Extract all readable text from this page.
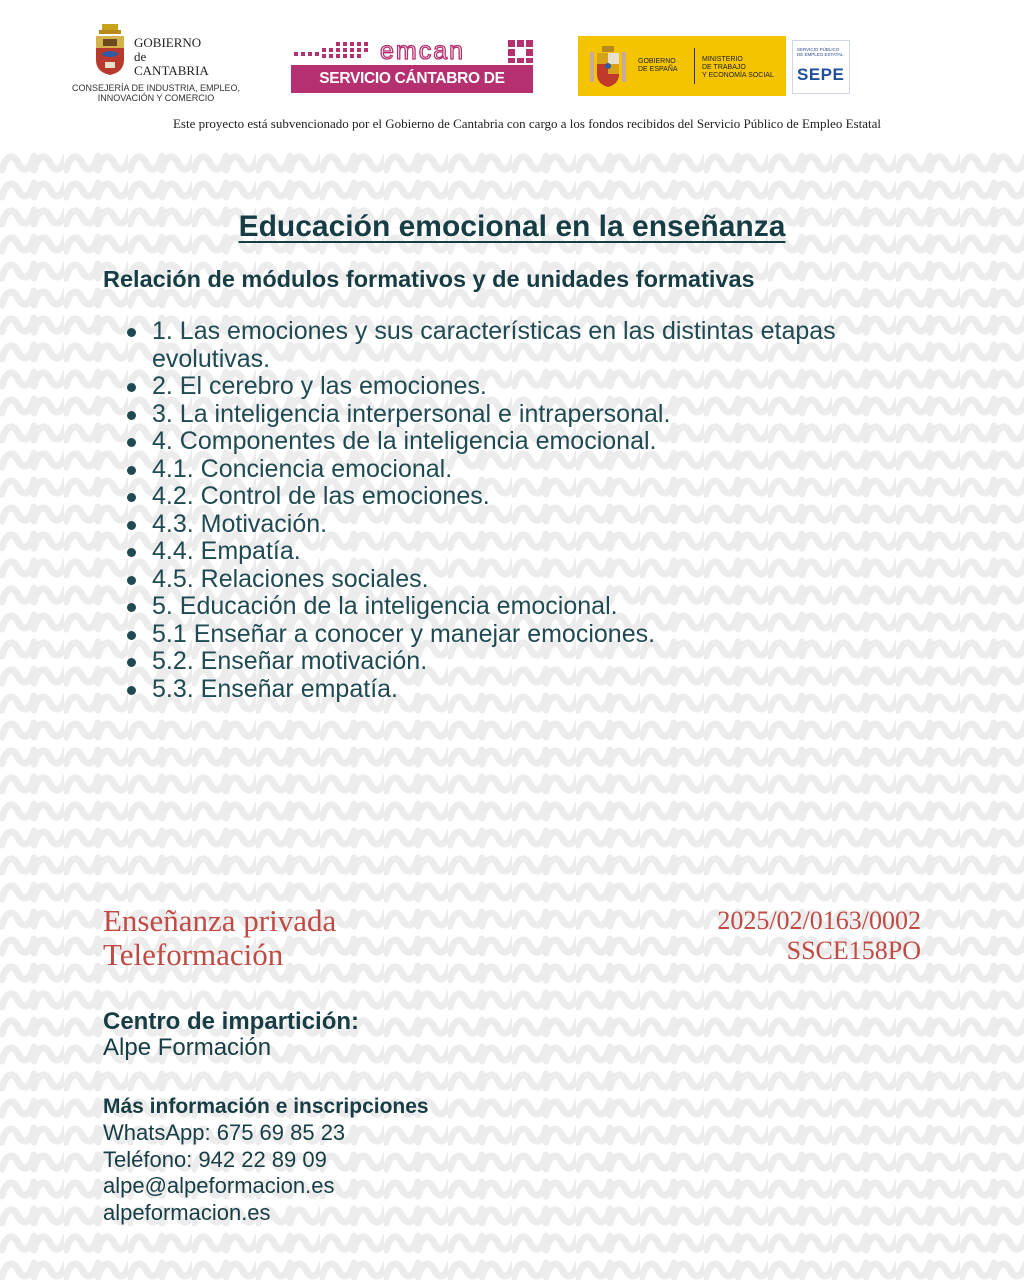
GOBIERNO
de
CANTABRIA
CONSEJERÍA DE INDUSTRIA, EMPLEO,
INNOVACIÓN Y COMERCIO
emcan
SERVICIO CÁNTABRO DE EMPLEO
GOBIERNO
DE ESPAÑA
MINISTERIO
DE TRABAJO
Y ECONOMÍA SOCIAL
SERVICIO PÚBLICO
DE EMPLEO ESTATAL
SEPE
Este proyecto está subvencionado por el Gobierno de Cantabria con cargo a los fondos recibidos del Servicio Público de Empleo Estatal
Educación emocional en la enseñanza
Relación de módulos formativos y de unidades formativas
1. Las emociones y sus características en las distintas etapas evolutivas.
2. El cerebro y las emociones.
3. La inteligencia interpersonal e intrapersonal.
4. Componentes de la inteligencia emocional.
4.1. Conciencia emocional.
4.2. Control de las emociones.
4.3. Motivación.
4.4. Empatía.
4.5. Relaciones sociales.
5. Educación de la inteligencia emocional.
5.1 Enseñar a conocer y manejar emociones.
5.2. Enseñar motivación.
5.3. Enseñar empatía.
Enseñanza privada
Teleformación
2025/02/0163/0002
SSCE158PO
Centro de impartición:
Alpe Formación
Más información e inscripciones
WhatsApp: 675 69 85 23
Teléfono: 942 22 89 09
alpe@alpeformacion.es
alpeformacion.es
